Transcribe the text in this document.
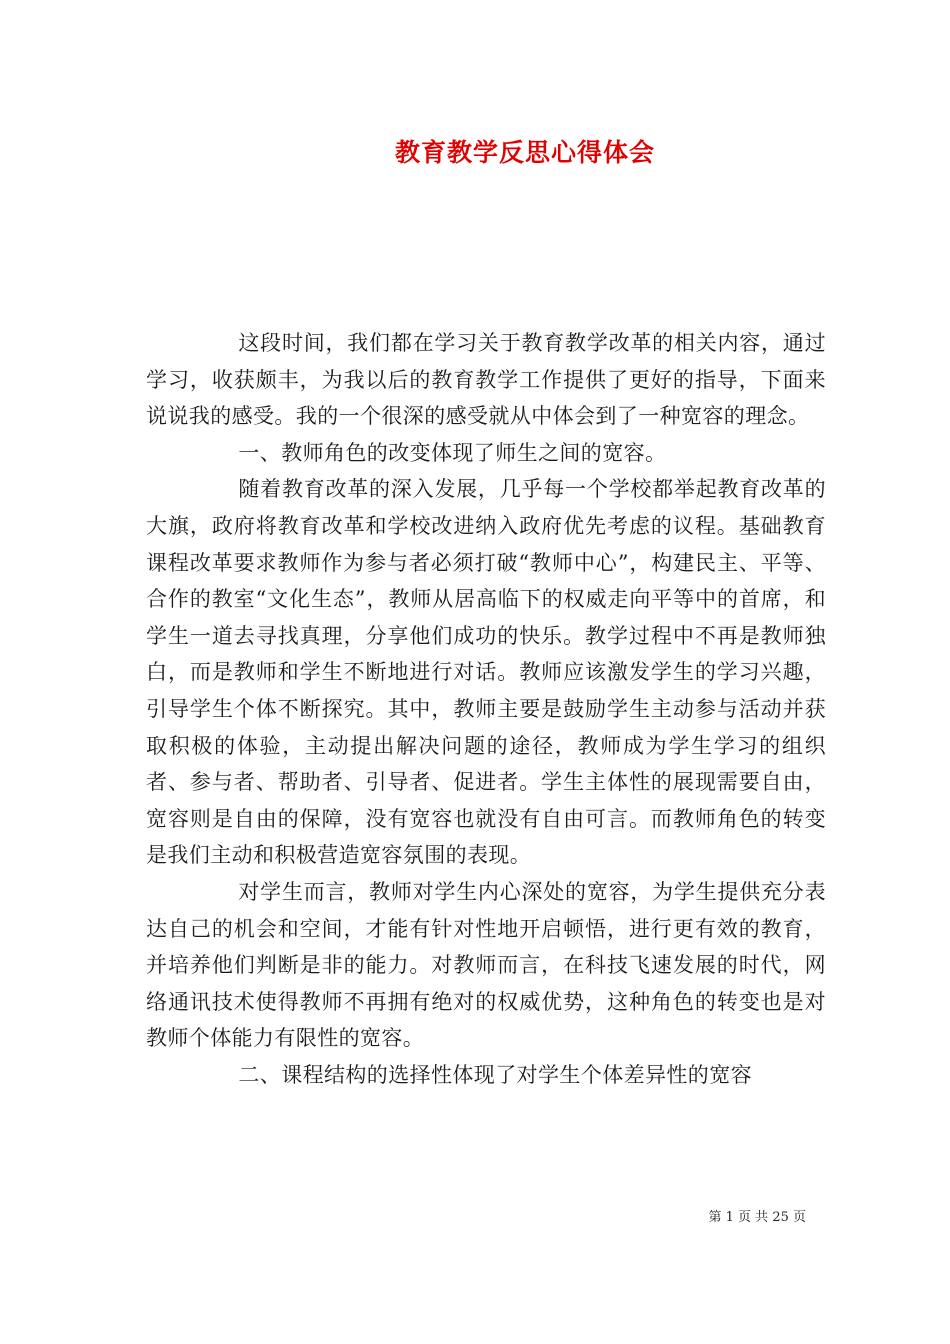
教育教学反思心得体会

这段时间，我们都在学习关于教育教学改革的相关内容，通过学习，收获颇丰，为我以后的教育教学工作提供了更好的指导，下面来说说我的感受。我的一个很深的感受就从中体会到了一种宽容的理念。

一、教师角色的改变体现了师生之间的宽容。

随着教育改革的深入发展，几乎每一个学校都举起教育改革的大旗，政府将教育改革和学校改进纳入政府优先考虑的议程。基础教育课程改革要求教师作为参与者必须打破“教师中心”，构建民主、平等、合作的教室“文化生态”，教师从居高临下的权威走向平等中的首席，和学生一道去寻找真理，分享他们成功的快乐。教学过程中不再是教师独白，而是教师和学生不断地进行对话。教师应该激发学生的学习兴趣，引导学生个体不断探究。其中，教师主要是鼓励学生主动参与活动并获取积极的体验，主动提出解决问题的途径，教师成为学生学习的组织者、参与者、帮助者、引导者、促进者。学生主体性的展现需要自由，宽容则是自由的保障，没有宽容也就没有自由可言。而教师角色的转变是我们主动和积极营造宽容氛围的表现。

对学生而言，教师对学生内心深处的宽容，为学生提供充分表达自己的机会和空间，才能有针对性地开启顿悟，进行更有效的教育，并培养他们判断是非的能力。对教师而言，在科技飞速发展的时代，网络通讯技术使得教师不再拥有绝对的权威优势，这种角色的转变也是对教师个体能力有限性的宽容。

二、课程结构的选择性体现了对学生个体差异性的宽容

第 1 页 共 25 页
